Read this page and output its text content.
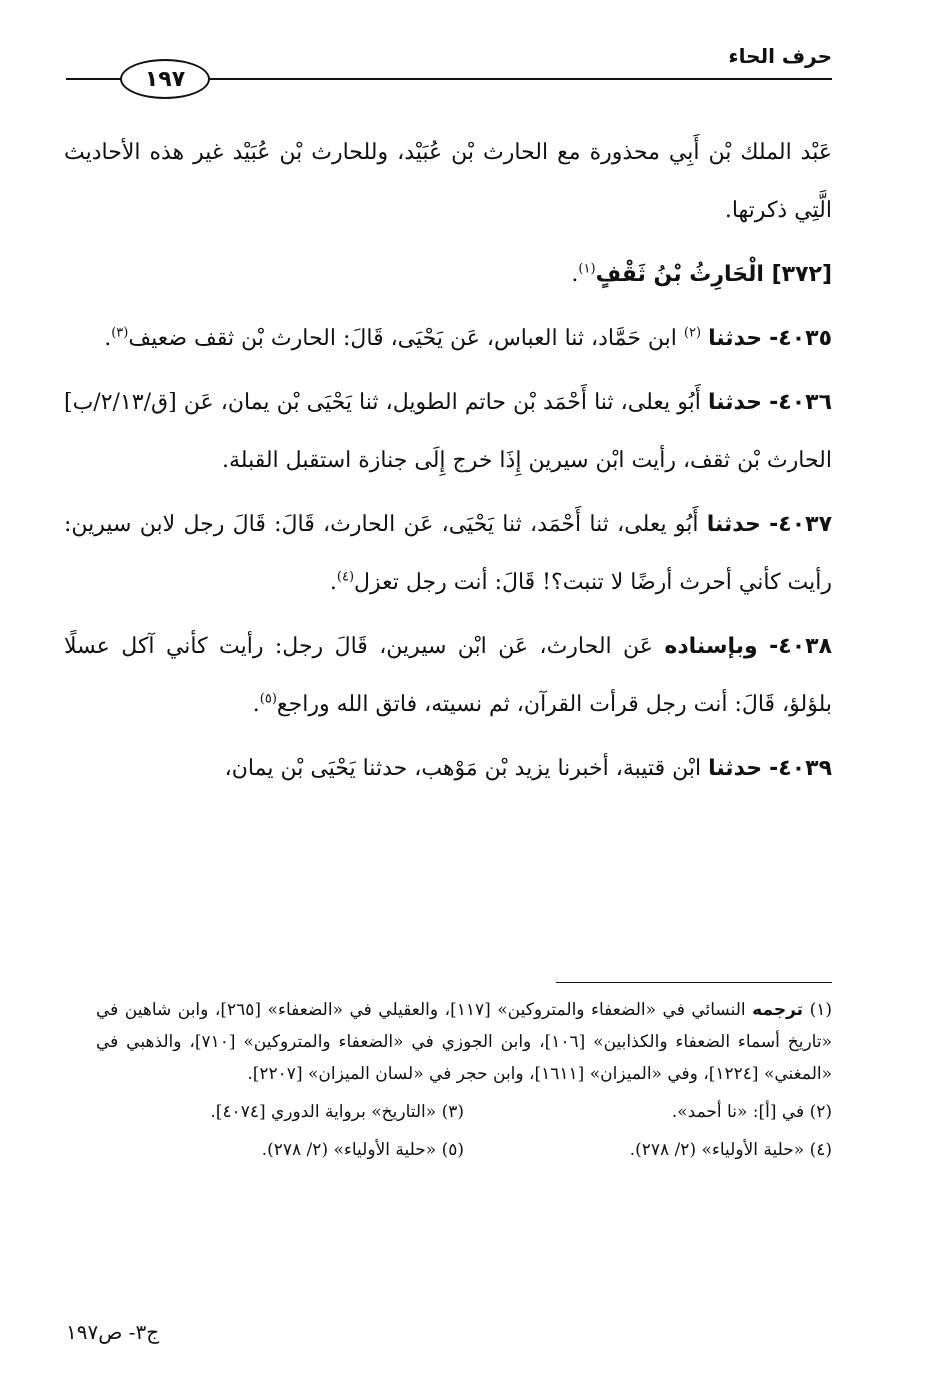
حرف الحاء
١٩٧

عَبْد الملك بْن أَبِي محذورة مع الحارث بْن عُبَيْد، وللحارث بْن عُبَيْد غير هذه الأحاديث الَّتِي ذكرتها.

[٣٧٢] الْحَارِثُ بْنُ ثَقْفٍ$^{(١)}$.

٤٠٣٥- حدثنا $^{(٢)}$ ابن حَمَّاد، ثنا العباس، عَن يَحْيَى، قَالَ: الحارث بْن ثقف ضعيف$^{(٣)}$.

٤٠٣٦- حدثنا أَبُو يعلى، ثنا أَحْمَد بْن حاتم الطويل، ثنا يَحْيَى بْن يمان، عَن [ق/٢/١٣/ب] الحارث بْن ثقف، رأيت ابْن سيرين إِذَا خرج إِلَى جنازة استقبل القبلة.

٤٠٣٧- حدثنا أَبُو يعلى، ثنا أَحْمَد، ثنا يَحْيَى، عَن الحارث، قَالَ: قَالَ رجل لابن سيرين: رأيت كأني أحرث أرضًا لا تنبت؟! قَالَ: أنت رجل تعزل$^{(٤)}$.

٤٠٣٨- وبإسناده عَن الحارث، عَن ابْن سيرين، قَالَ رجل: رأيت كأني آكل عسلًا بلؤلؤ، قَالَ: أنت رجل قرأت القرآن، ثم نسيته، فاتق الله وراجع$^{(٥)}$.

٤٠٣٩- حدثنا ابْن قتيبة، أخبرنا يزيد بْن مَوْهب، حدثنا يَحْيَى بْن يمان،

(١) ترجمه النسائي في «الضعفاء والمتروكين» [١١٧]، والعقيلي في «الضعفاء» [٢٦٥]، وابن شاهين في «تاريخ أسماء الضعفاء والكذابين» [١٠٦]، وابن الجوزي في «الضعفاء والمتروكين» [٧١٠]، والذهبي في «المغني» [١٢٢٤]، وفي «الميزان» [١٦١١]، وابن حجر في «لسان الميزان» [٢٢٠٧].

(٢) في [أ]: «نا أحمد».
(٣) «التاريخ» برواية الدوري [٤٠٧٤].
(٤) «حلية الأولياء» (٢/ ٢٧٨).
(٥) «حلية الأولياء» (٢/ ٢٧٨).
ج٣- ص١٩٧
